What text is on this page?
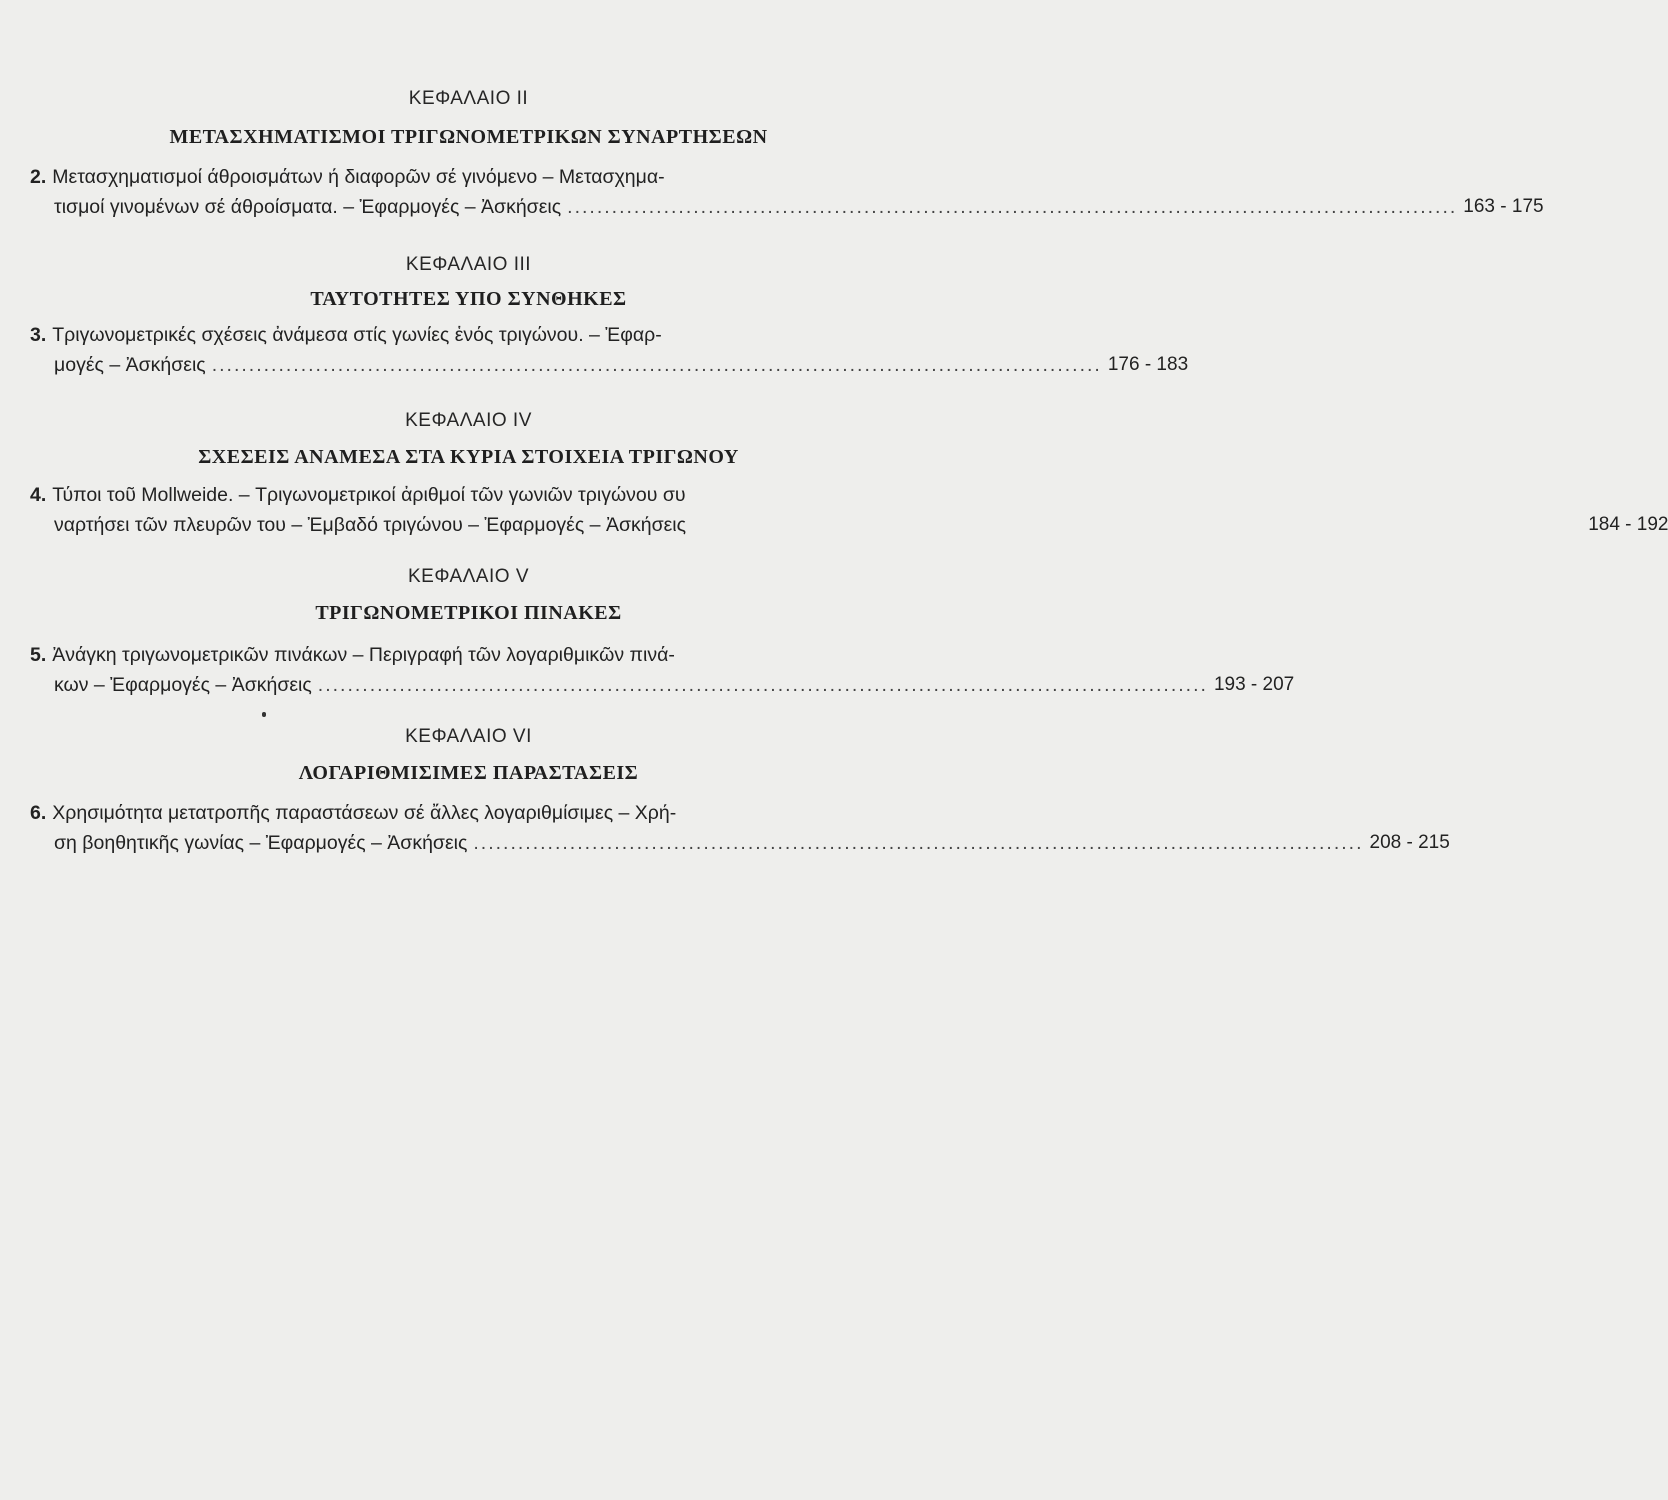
ΚΕΦΑΛΑΙΟ ΙΙ
ΜΕΤΑΣΧΗΜΑΤΙΣΜΟΙ ΤΡΙΓΩΝΟΜΕΤΡΙΚΩΝ ΣΥΝΑΡΤΗΣΕΩΝ
2. Μετασχηματισμοί άθροισμάτων ή διαφορῶν σέ γινόμενο – Μετασχημα-
τισμοί γινομένων σέ άθροίσματα. – Ἐφαρμογές – Ἀσκήσεις ........................................................................................................................ 163 - 175
ΚΕΦΑΛΑΙΟ ΙΙΙ
ΤΑΥΤΟΤΗΤΕΣ ΥΠΟ ΣΥΝΘΗΚΕΣ
3. Τριγωνομετρικές σχέσεις ἀνάμεσα στίς γωνίες ἑνός τριγώνου. – Ἐφαρ-
μογές – Ἀσκήσεις ........................................................................................................................ 176 - 183
ΚΕΦΑΛΑΙΟ ΙV
ΣΧΕΣΕΙΣ ΑΝΑΜΕΣΑ ΣΤΑ ΚΥΡΙΑ ΣΤΟΙΧΕΙΑ ΤΡΙΓΩΝΟΥ
4. Τύποι τοῦ Mollweide. – Τριγωνομετρικοί ἀριθμοί τῶν γωνιῶν τριγώνου συ
ναρτήσει τῶν πλευρῶν του – Ἐμβαδό τριγώνου – Ἐφαρμογές – Ἀσκήσεις	184 - 192
ΚΕΦΑΛΑΙΟ V
ΤΡΙΓΩΝΟΜΕΤΡΙΚΟΙ ΠΙΝΑΚΕΣ
5. Ἀνάγκη τριγωνομετρικῶν πινάκων – Περιγραφή τῶν λογαριθμικῶν πινά-
κων – Ἐφαρμογές – Ἀσκήσεις ........................................................................................................................ 193 - 207
ΚΕΦΑΛΑΙΟ VI
ΛΟΓΑΡΙΘΜΙΣΙΜΕΣ ΠΑΡΑΣΤΑΣΕΙΣ
6. Χρησιμότητα μετατροπῆς παραστάσεων σέ ἄλλες λογαριθμίσιμες – Χρή-
ση βοηθητικῆς γωνίας – Ἐφαρμογές – Ἀσκήσεις ........................................................................................................................ 208 - 215
